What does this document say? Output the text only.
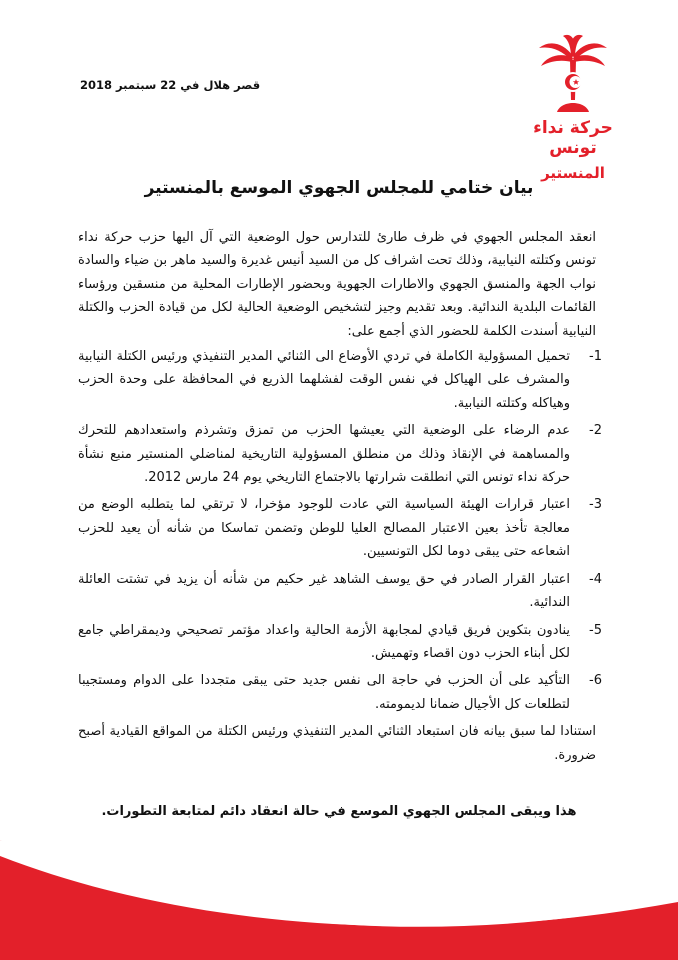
حركة نداء تونس
المنستير
قصر هلال في 22 سبتمبر 2018
بيان ختامي للمجلس الجهوي الموسع بالمنستير

انعقد المجلس الجهوي في ظرف طارئ للتدارس حول الوضعية التي آل اليها حزب حركة نداء تونس وكتلته النيابية، وذلك تحت اشراف كل من السيد أنيس غديرة والسيد ماهر بن ضياء والسادة نواب الجهة والمنسق الجهوي والاطارات الجهوية وبحضور الإطارات المحلية من منسقين ورؤساء القائمات البلدية الندائية. وبعد تقديم وجيز لتشخيص الوضعية الحالية لكل من قيادة الحزب والكتلة النيابية أسندت الكلمة للحضور الذي أجمع على:

1-
تحميل المسؤولية الكاملة في تردي الأوضاع الى الثنائي المدير التنفيذي ورئيس الكتلة النيابية والمشرف على الهياكل في نفس الوقت لفشلهما الذريع في المحافظة على وحدة الحزب وهياكله وكتلته النيابية.
2-
عدم الرضاء على الوضعية التي يعيشها الحزب من تمزق وتشرذم واستعدادهم للتحرك والمساهمة في الإنقاذ وذلك من منطلق المسؤولية التاريخية لمناضلي المنستير منبع نشأة حركة نداء تونس التي انطلقت شرارتها بالاجتماع التاريخي يوم 24 مارس 2012.
3-
اعتبار قرارات الهيئة السياسية التي عادت للوجود مؤخرا، لا ترتقي لما يتطلبه الوضع من معالجة تأخذ بعين الاعتبار المصالح العليا للوطن وتضمن تماسكا من شأنه أن يعيد للحزب اشعاعه حتى يبقى دوما لكل التونسيين.
4-
اعتبار القرار الصادر في حق يوسف الشاهد غير حكيم من شأنه أن يزيد في تشتت العائلة الندائية.
5-
ينادون بتكوين فريق قيادي لمجابهة الأزمة الحالية واعداد مؤتمر تصحيحي وديمقراطي جامع لكل أبناء الحزب دون اقصاء وتهميش.
6-
التأكيد على أن الحزب في حاجة الى نفس جديد حتى يبقى متجددا على الدوام ومستجيبا لتطلعات كل الأجيال ضمانا لديمومته.

استنادا لما سبق بيانه فان استبعاد الثنائي المدير التنفيذي ورئيس الكتلة من المواقع القيادية أصبح ضرورة.

هذا ويبقى المجلس الجهوي الموسع في حالة انعقاد دائم لمتابعة التطورات.
